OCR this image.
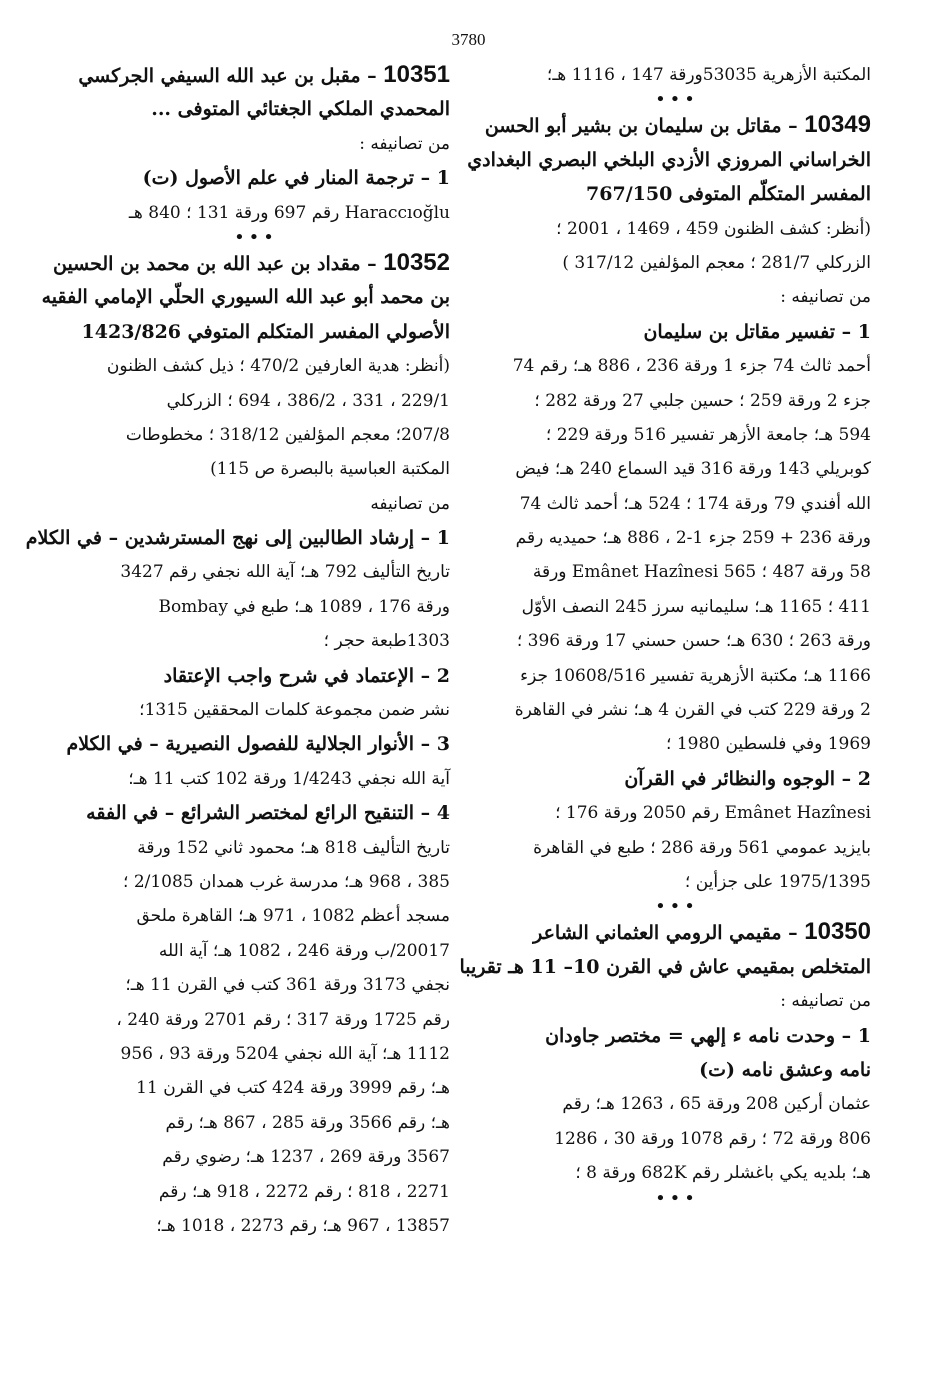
3780
المكتبة الأزهرية 53035ورقة 147 ، 1116 هـ؛
•••
10349 – مقاتل بن سليمان بن بشير أبو الحسن
الخراساني المروزي الأزدي البلخي البصري البغدادي
المفسر المتكلّم المتوفى 767/150
(أنظر: كشف الظنون 459 ، 1469 ، 2001 ؛
الزركلي 281/7 ؛ معجم المؤلفين 317/12 )
من تصانيفه :
1 – تفسير مقاتل بن سليمان
أحمد ثالث 74 جزء 1 ورقة 236 ، 886 هـ؛ رقم 74
جزء 2 ورقة 259 ؛ حسين جلبي 27 ورقة 282 ؛
594 هـ؛ جامعة الأزهر تفسير 516 ورقة 229 ؛
كوبريلي 143 ورقة 316 قيد السماع 240 هـ؛ فيض
الله أفندي 79 ورقة 174 ؛ 524 هـ؛ أحمد ثالث 74
ورقة 236 + 259 جزء 1-2 ، 886 هـ؛ حميديه رقم
58 ورقة 487 ؛ Emânet Hazînesi 565 ورقة
411 ؛ 1165 هـ؛ سليمانيه سرز 245 النصف الأوّل
ورقة 263 ؛ 630 هـ؛ حسن حسني 17 ورقة 396 ؛
1166 هـ؛ مكتبة الأزهرية تفسير 10608/516 جزء
2 ورقة 229 كتب في القرن 4 هـ؛ نشر في القاهرة
1969 وفي فلسطين 1980 ؛
2 – الوجوه والنظائر في القرآن
Emânet Hazînesi رقم 2050 ورقة 176 ؛
بايزيد عمومي 561 ورقة 286 ؛ طبع في القاهرة
1975/1395 على جزأين ؛
•••
10350 – مقيمي الرومي العثماني الشاعر
المتخلص بمقيمي عاش في القرن 10– 11 هـ تقريبا
من تصانيفه :
1 – وحدت نامه ء إلهي = مختصر جاودان
نامه وعشق نامه (ت)
عثمان أركين 208 ورقة 65 ، 1263 هـ؛ رقم
806 ورقة 72 ؛ رقم 1078 ورقة 30 ، 1286
هـ؛ بلديه يكي باغشلر رقم 682K ورقة 8 ؛
•••
10351 – مقبل بن عبد الله السيفي الجركسي
المحمدي الملكي الجغتائي المتوفى ...
من تصانيفه :
1 – ترجمة المنار في علم الأصول (ت)
Haraccıoğlu رقم 697 ورقة 131 ؛ 840 هـ
•••
10352 – مقداد بن عبد الله بن محمد بن الحسين
بن محمد أبو عبد الله السيوري الحلّي الإمامي الفقيه
الأصولي المفسر المتكلم المتوفي 1423/826
(أنظر: هدية العارفين 470/2 ؛ ذيل كشف الظنون
229/1 ، 331 ، 386/2 ، 694 ؛ الزركلي
207/8؛ معجم المؤلفين 318/12 ؛ مخطوطات
المكتبة العباسية بالبصرة ص 115)
من تصانيفه
1 – إرشاد الطالبين إلى نهج المسترشدين – في الكلام
تاريخ التأليف 792 هـ؛ آية الله نجفي رقم 3427
ورقة 176 ، 1089 هـ؛ طبع في Bombay
1303طبعة حجر ؛
2 – الإعتماد في شرح واجب الإعتقاد
نشر ضمن مجموعة كلمات المحققين 1315؛
3 – الأنوار الجلالية للفصول النصيرية – في الكلام
آية الله نجفي 1/4243 ورقة 102 كتب 11 هـ؛
4 – التنقيح الرائع لمختصر الشرائع – في الفقه
تاريخ التأليف 818 هـ؛ محمود ثاني 152 ورقة
385 ، 968 هـ؛ مدرسة غرب همدان 2/1085 ؛
مسجد أعظم 1082 ، 971 هـ؛ القاهرة ملحق
20017/ب ورقة 246 ، 1082 هـ؛ آية الله
نجفي 3173 ورقة 361 كتب في القرن 11 هـ؛
رقم 1725 ورقة 317 ؛ رقم 2701 ورقة 240 ،
1112 هـ؛ آية الله نجفي 5204 ورقة 93 ، 956
هـ؛ رقم 3999 ورقة 424 كتب في القرن 11
هـ؛ رقم 3566 ورقة 285 ، 867 هـ؛ رقم
3567 ورقة 269 ، 1237 هـ؛ رضوي رقم
2271 ، 818 ؛ رقم 2272 ، 918 هـ؛ رقم
13857 ، 967 هـ؛ رقم 2273 ، 1018 هـ؛
